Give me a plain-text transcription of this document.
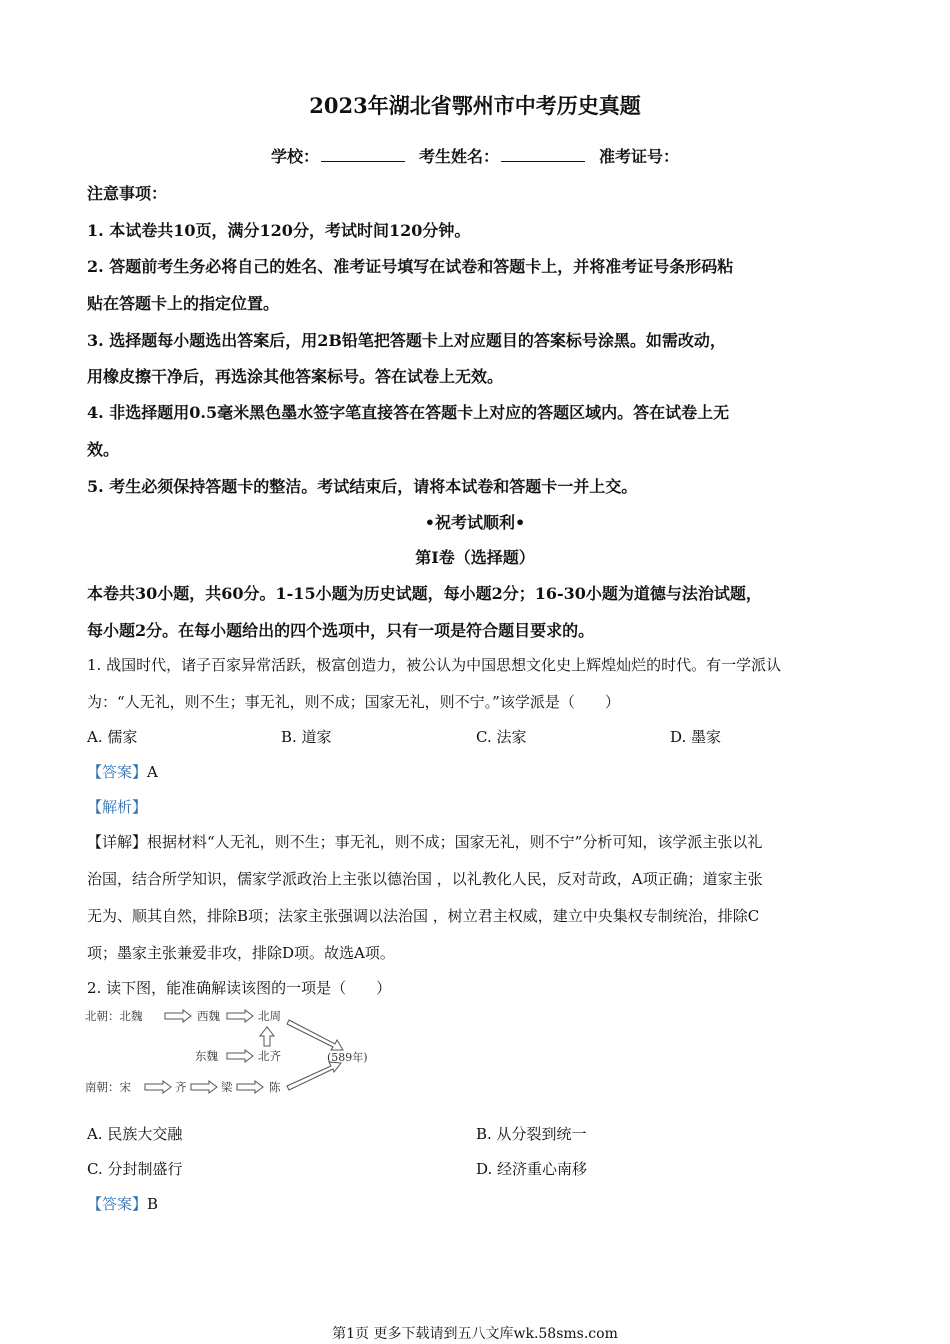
2023年湖北省鄂州市中考历史真题
学校：	考生姓名：	准考证号：
注意事项：
1. 本试卷共10页，满分120分，考试时间120分钟。
2. 答题前考生务必将自己的姓名、准考证号填写在试卷和答题卡上，并将准考证号条形码粘
贴在答题卡上的指定位置。
3. 选择题每小题选出答案后，用2B铅笔把答题卡上对应题目的答案标号涂黑。如需改动，
用橡皮擦干净后，再选涂其他答案标号。答在试卷上无效。
4. 非选择题用0.5毫米黑色墨水签字笔直接答在答题卡上对应的答题区域内。答在试卷上无
效。
5. 考生必须保持答题卡的整洁。考试结束后，请将本试卷和答题卡一并上交。
•祝考试顺利•
第Ⅰ卷（选择题）
本卷共30小题，共60分。1-15小题为历史试题，每小题2分；16-30小题为道德与法治试题，
每小题2分。在每小题给出的四个选项中，只有一项是符合题目要求的。
1. 战国时代，诸子百家异常活跃，极富创造力，被公认为中国思想文化史上辉煌灿烂的时代。有一学派认
为：“人无礼，则不生；事无礼，则不成；国家无礼，则不宁。”该学派是（　　）
A. 儒家	B. 道家	C. 法家	D. 墨家
【答案】A
【解析】
【详解】根据材料“人无礼，则不生；事无礼，则不成；国家无礼，则不宁”分析可知，该学派主张以礼
治国，结合所学知识，儒家学派政治上主张以德治国 ，以礼教化人民，反对苛政，A项正确；道家主张
无为、顺其自然，排除B项；法家主张强调以法治国 ，树立君主权威，建立中央集权专制统治，排除C
项；墨家主张兼爱非攻，排除D项。故选A项。
2. 读下图，能准确解读该图的一项是（　　）
北朝：北魏	西魏	北周
东魏	北齐	(589年)
南朝：宋	齐	梁	陈
A. 民族大交融	B. 从分裂到统一
C. 分封制盛行	D. 经济重心南移
【答案】B
第1页 更多下载请到五八文库wk.58sms.com
